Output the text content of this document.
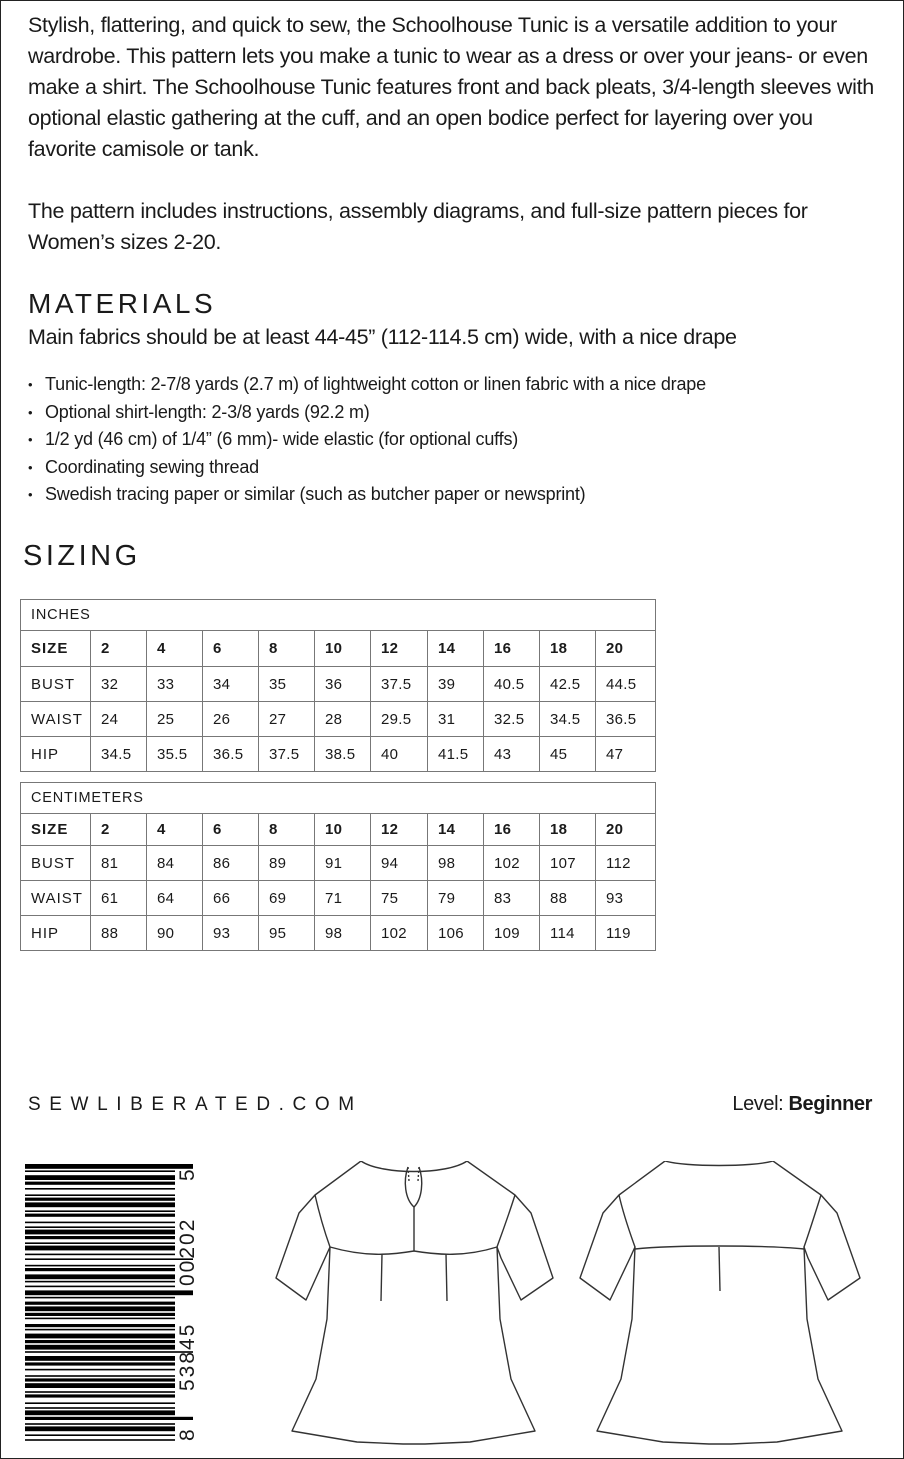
Stylish, flattering, and quick to sew, the Schoolhouse Tunic is a versatile addition to your wardrobe. This pattern lets you make a tunic to wear as a dress or over your jeans- or even make a shirt. The Schoolhouse Tunic features front and back pleats, 3/4-length sleeves with optional elastic gathering at the cuff, and an open bodice perfect for layering over you favorite camisole or tank.

The pattern includes instructions, assembly diagrams, and full-size pattern pieces for Women’s sizes 2-20.

MATERIALS
Main fabrics should be at least 44-45” (112-114.5 cm) wide, with a nice drape
• Tunic-length: 2-7/8 yards (2.7 m) of lightweight cotton or linen fabric with a nice drape
• Optional shirt-length: 2-3/8 yards (92.2 m)
• 1/2 yd (46 cm) of 1/4” (6 mm)- wide elastic (for optional cuffs)
• Coordinating sewing thread
• Swedish tracing paper or similar (such as butcher paper or newsprint)
SIZING
INCHES										
SIZE	2	4	6	8	10	12	14	16	18	20
BUST	32	33	34	35	36	37.5	39	40.5	42.5	44.5
WAIST	24	25	26	27	28	29.5	31	32.5	34.5	36.5
HIP	34.5	35.5	36.5	37.5	38.5	40	41.5	43	45	47
CENTIMETERS										
SIZE	2	4	6	8	10	12	14	16	18	20
BUST	81	84	86	89	91	94	98	102	107	112
WAIST	61	64	66	69	71	75	79	83	88	93
HIP	88	90	93	95	98	102	106	109	114	119
SEWLIBERATED.COM	Level: Beginner
8
53845
00202
5
